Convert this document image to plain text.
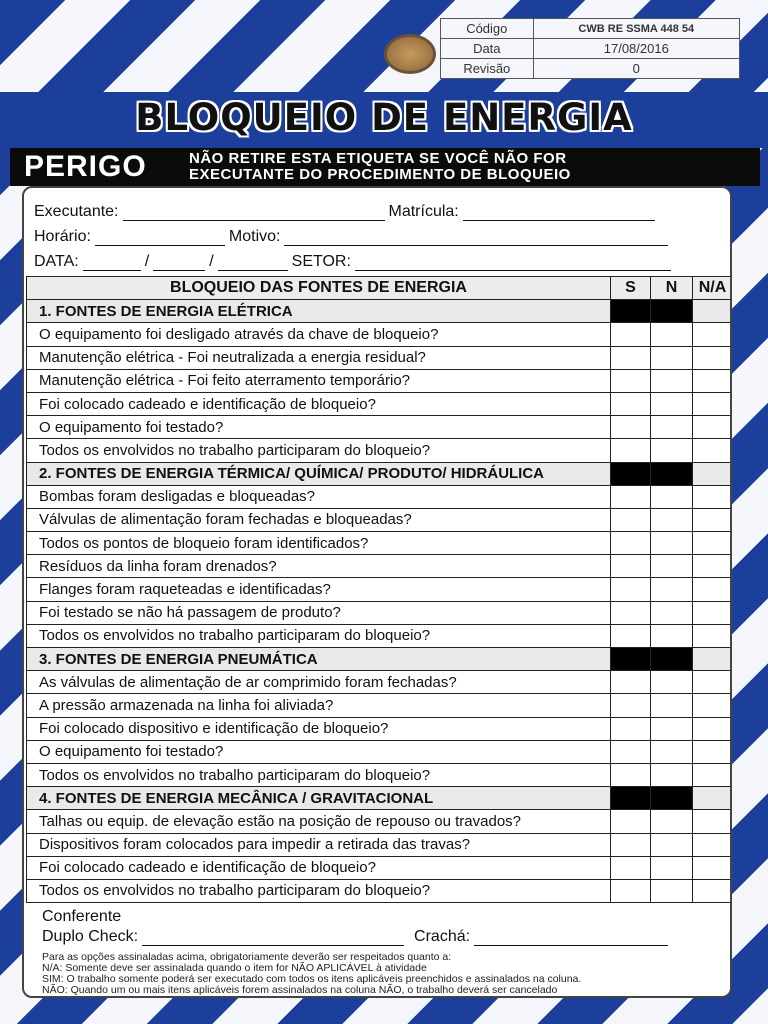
Código	CWB RE SSMA 448 54
Data	17/08/2016
Revisão	0
BLOQUEIO DE ENERGIA
PERIGO	NÃO RETIRE ESTA ETIQUETA SE VOCÊ NÃO FOR
EXECUTANTE DO PROCEDIMENTO DE BLOQUEIO
Executante:	Matrícula:
Horário:	Motivo:
DATA:	/	/	SETOR:
BLOQUEIO DAS FONTES DE ENERGIA	S	N	N/A
1. FONTES DE ENERGIA ELÉTRICA			
O equipamento foi desligado através da chave de bloqueio?			
Manutenção elétrica - Foi neutralizada a energia residual?			
Manutenção elétrica - Foi feito aterramento temporário?			
Foi colocado cadeado e identificação de bloqueio?			
O equipamento foi testado?			
Todos os envolvidos no trabalho participaram do bloqueio?			
2. FONTES DE ENERGIA TÉRMICA/ QUÍMICA/ PRODUTO/ HIDRÁULICA			
Bombas foram desligadas e bloqueadas?			
Válvulas de alimentação foram fechadas e bloqueadas?			
Todos os pontos de bloqueio foram identificados?			
Resíduos da linha foram drenados?			
Flanges foram raqueteadas e identificadas?			
Foi testado se não há passagem de produto?			
Todos os envolvidos no trabalho participaram do bloqueio?			
3. FONTES DE ENERGIA PNEUMÁTICA			
As válvulas de alimentação de ar comprimido foram fechadas?			
A pressão armazenada na linha foi aliviada?			
Foi colocado dispositivo e identificação de bloqueio?			
O equipamento foi testado?			
Todos os envolvidos no trabalho participaram do bloqueio?			
4. FONTES DE ENERGIA MECÂNICA / GRAVITACIONAL			
Talhas ou equip. de elevação estão na posição de repouso ou travados?			
Dispositivos foram colocados para impedir a retirada das travas?			
Foi colocado cadeado e identificação de bloqueio?			
Todos os envolvidos no trabalho participaram do bloqueio?			
Conferente
Duplo Check:	Crachá:
Para as opções assinaladas acima, obrigatoriamente deverão ser respeitados quanto a:
N/A: Somente deve ser assinalada quando o item for NÃO APLICÁVEL à atividade
SIM: O trabalho somente poderá ser executado com todos os itens aplicáveis preenchidos e assinalados na coluna.
NÃO: Quando um ou mais itens aplicáveis forem assinalados na coluna NÃO, o trabalho deverá ser cancelado
